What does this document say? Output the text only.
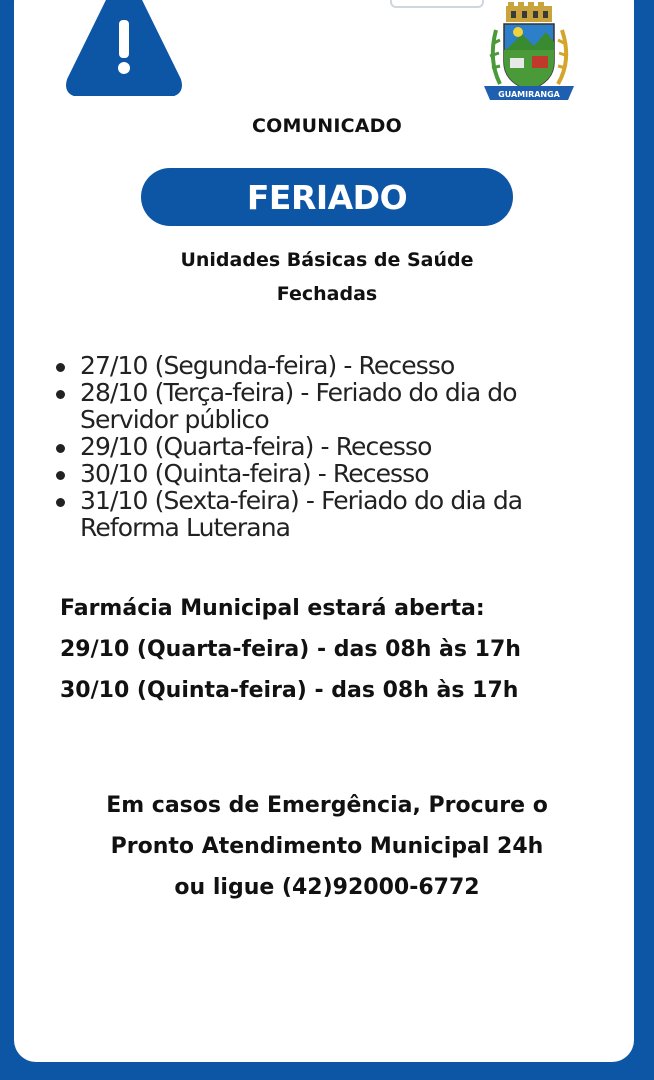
GUAMIRANGA
COMUNICADO
FERIADO
Unidades Básicas de Saúde
Fechadas
27/10 (Segunda-feira) - Recesso
28/10 (Terça-feira) - Feriado do dia do
Servidor público
29/10 (Quarta-feira) - Recesso
30/10 (Quinta-feira) - Recesso
31/10 (Sexta-feira) - Feriado do dia da
Reforma Luterana
Farmácia Municipal estará aberta:
29/10 (Quarta-feira) - das 08h às 17h
30/10 (Quinta-feira) - das 08h às 17h
Em casos de Emergência, Procure o
Pronto Atendimento Municipal 24h
ou ligue (42)92000-6772
